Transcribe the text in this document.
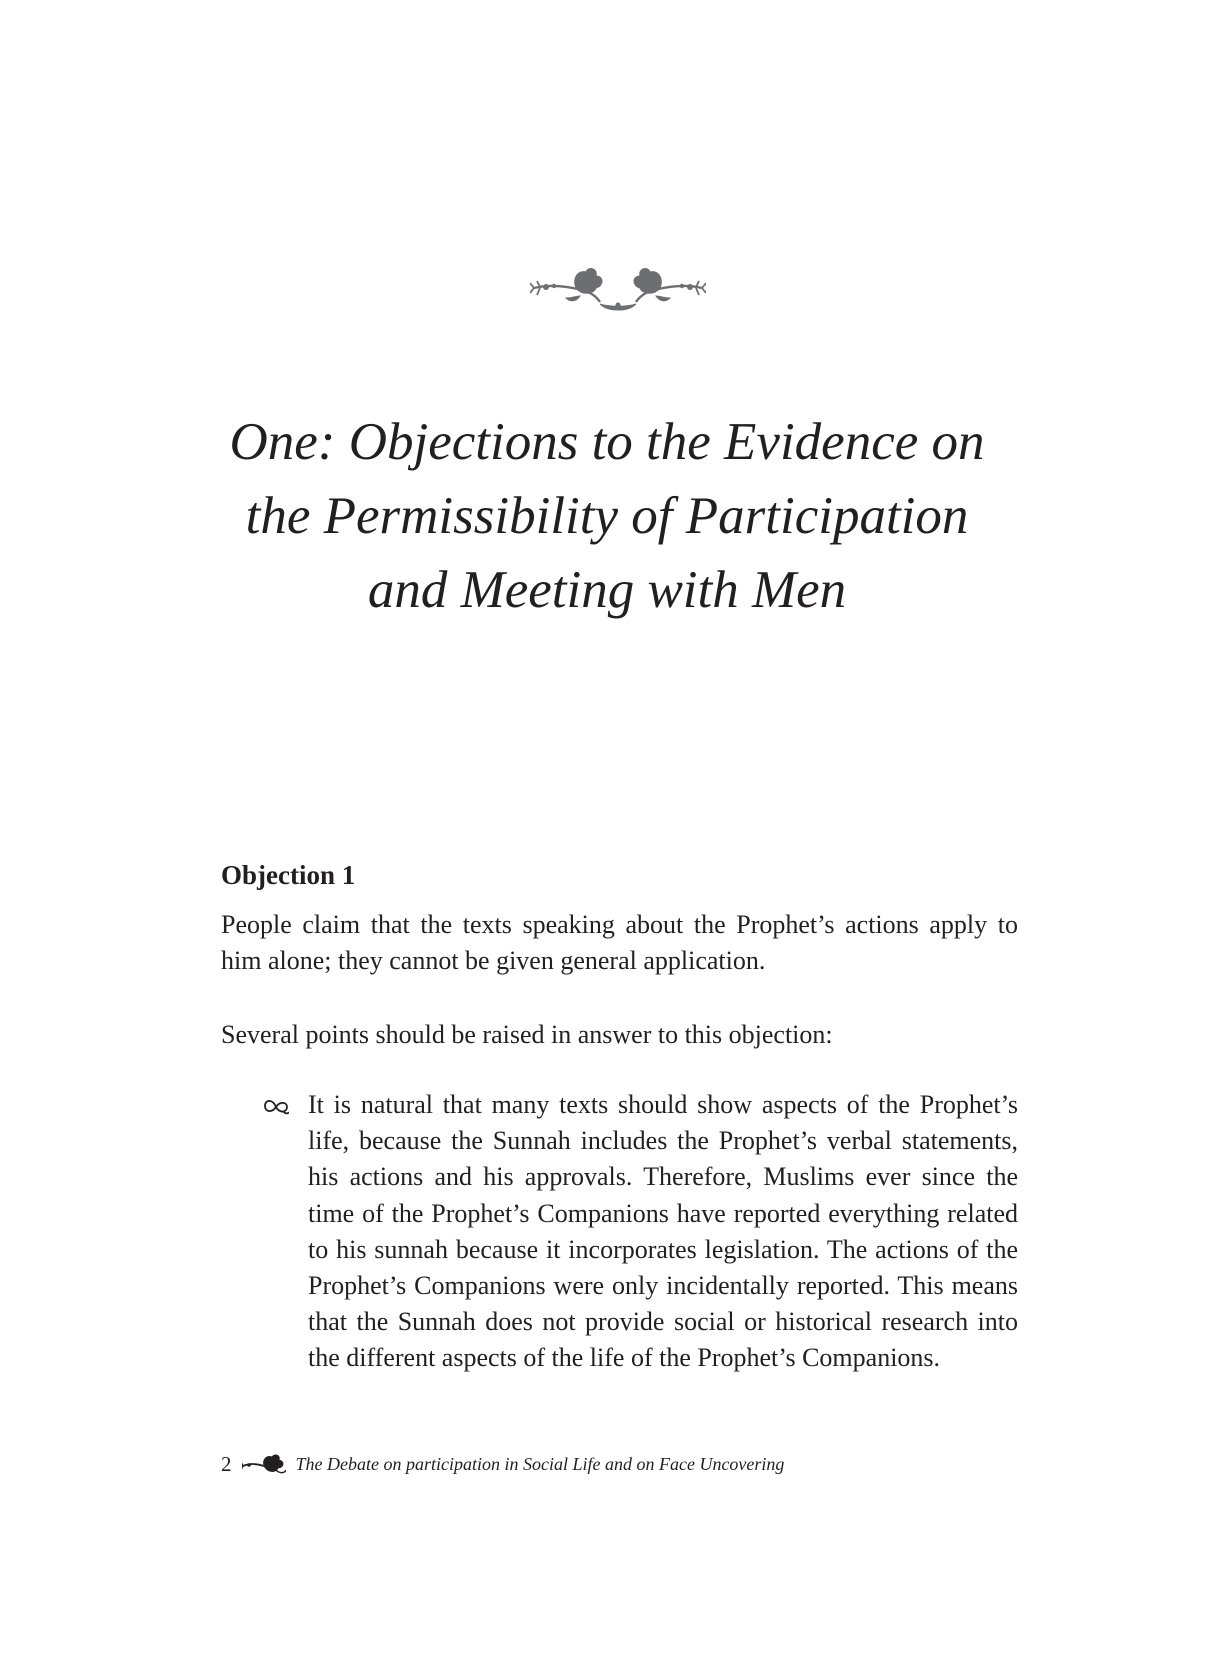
One: Objections to the Evidence on
the Permissibility of Participation
and Meeting with Men
Objection 1

People claim that the texts speaking about the Prophet’s actions apply to him alone; they cannot be given general application.

Several points should be raised in answer to this objection:

It is natural that many texts should show aspects of the Prophet’s life, because the Sunnah includes the Prophet’s verbal statements, his actions and his approvals. Therefore, Muslims ever since the time of the Prophet’s Companions have reported everything related to his sunnah because it incorporates legislation. The actions of the Prophet’s Companions were only incidentally reported. This means that the Sunnah does not provide social or historical research into the different aspects of the life of the Prophet’s Companions.

2	The Debate on participation in Social Life and on Face Uncovering
